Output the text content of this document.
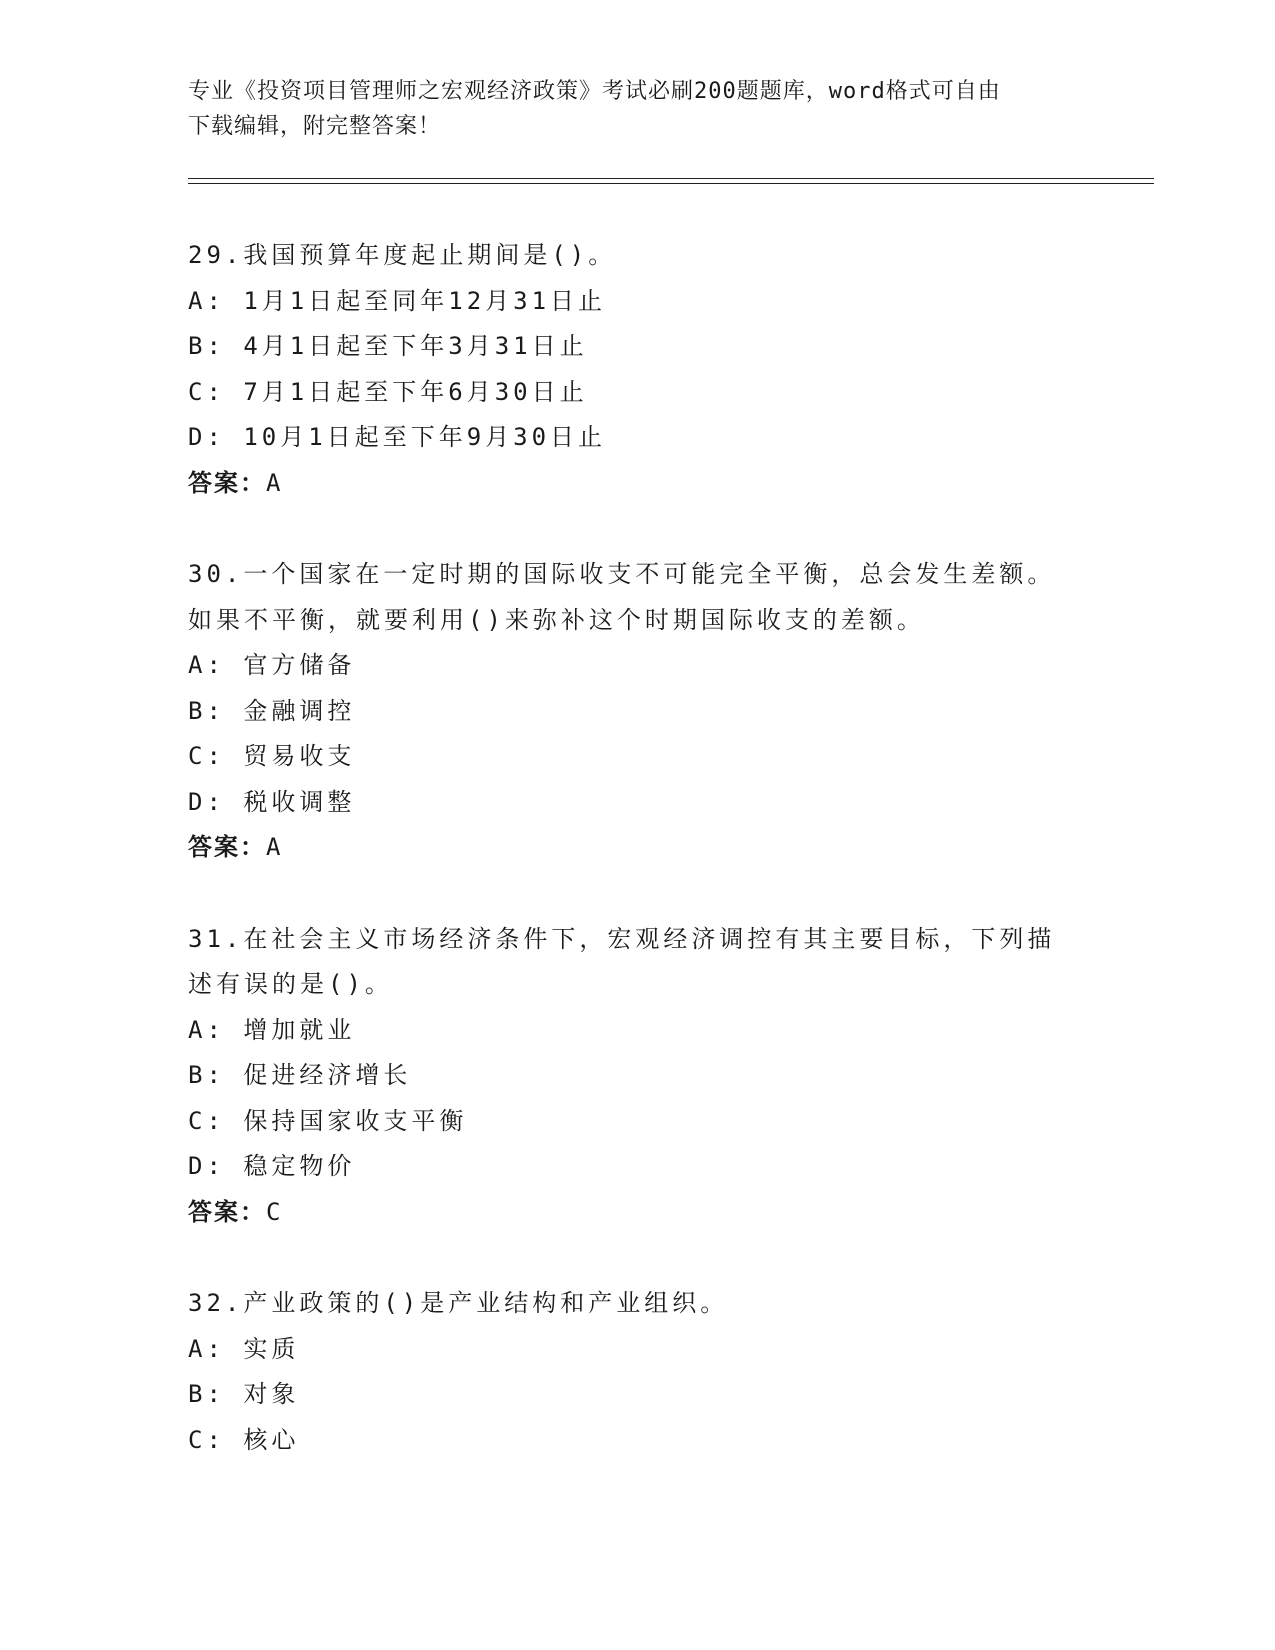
专业《投资项目管理师之宏观经济政策》考试必刷200题题库，word格式可自由
下载编辑，附完整答案！
29.我国预算年度起止期间是()。
A: 1月1日起至同年12月31日止
B: 4月1日起至下年3月31日止
C: 7月1日起至下年6月30日止
D: 10月1日起至下年9月30日止
答案：A
30.一个国家在一定时期的国际收支不可能完全平衡，总会发生差额。
如果不平衡，就要利用()来弥补这个时期国际收支的差额。
A: 官方储备
B: 金融调控
C: 贸易收支
D: 税收调整
答案：A
31.在社会主义市场经济条件下，宏观经济调控有其主要目标，下列描
述有误的是()。
A: 增加就业
B: 促进经济增长
C: 保持国家收支平衡
D: 稳定物价
答案：C
32.产业政策的()是产业结构和产业组织。
A: 实质
B: 对象
C: 核心
